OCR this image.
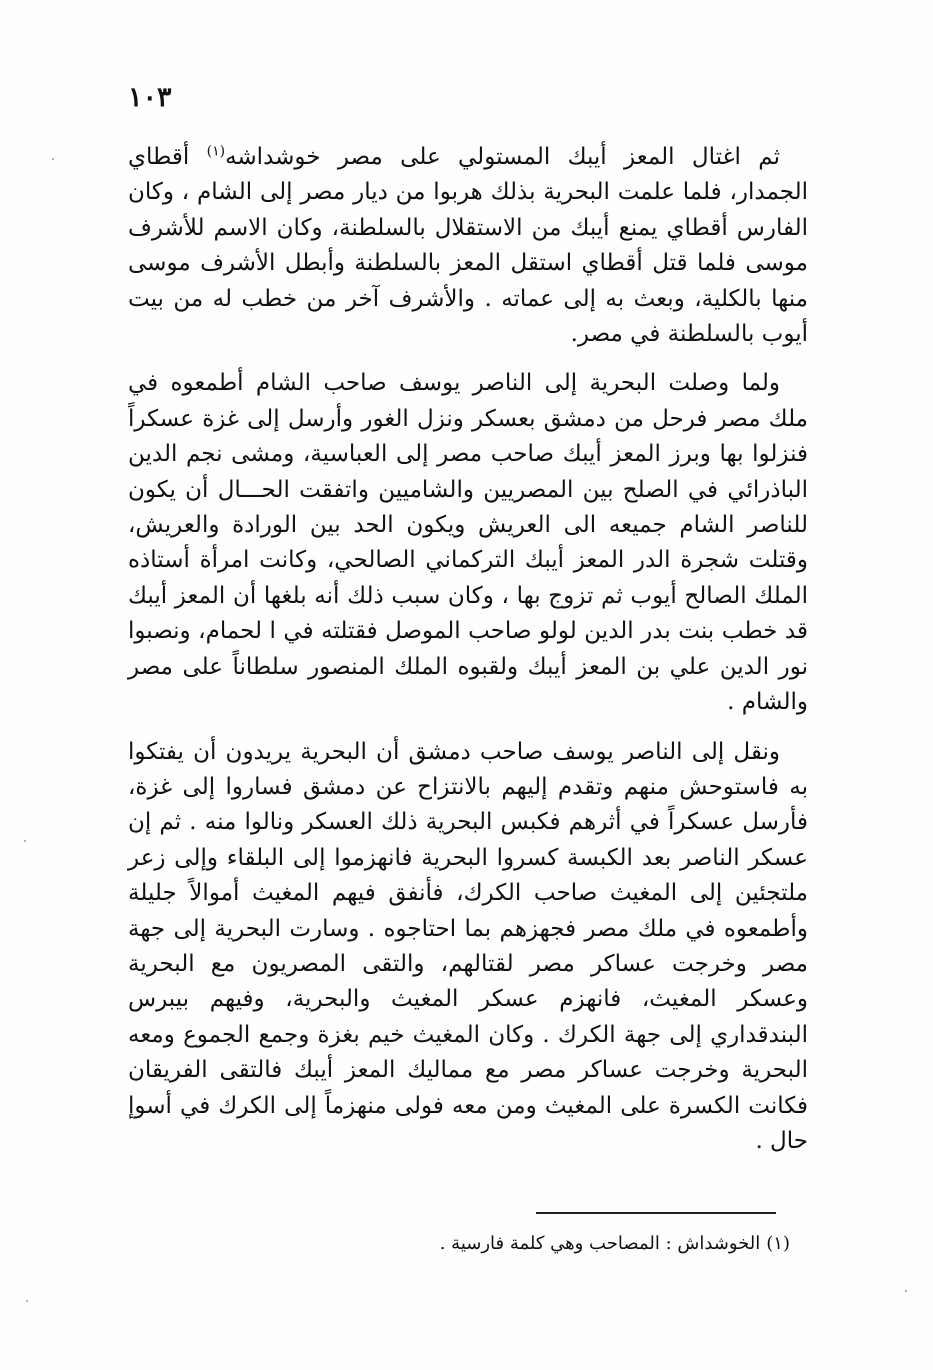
١٠٣

ثم اغتال المعز أيبك المستولي على مصر خوشداشه$^{(١)}$ أقطاي الجمدار، فلما علمت البحرية بذلك هربوا من ديار مصر إلى الشام ، وكان الفارس أقطاي يمنع أيبك من الاستقلال بالسلطنة، وكان الاسم للأشرف موسى فلما قتل أقطاي استقل المعز بالسلطنة وأبطل الأشرف موسى منها بالكلية، وبعث به إلى عماته . والأشرف آخر من خطب له من بيت أيوب بالسلطنة في مصر.

ولما وصلت البحرية إلى الناصر يوسف صاحب الشام أطمعوه في ملك مصر فرحل من دمشق بعسكر ونزل الغور وأرسل إلى غزة عسكراً فنزلوا بها وبرز المعز أيبك صاحب مصر إلى العباسية، ومشى نجم الدين الباذرائي في الصلح بين المصريين والشاميين واتفقت الحـــال أن يكون للناصر الشام جميعه الى العريش ويكون الحد بين الورادة والعريش، وقتلت شجرة الدر المعز أيبك التركماني الصالحي، وكانت امرأة أستاذه الملك الصالح أيوب ثم تزوج بها ، وكان سبب ذلك أنه بلغها أن المعز أيبك قد خطب بنت بدر الدين لولو صاحب الموصل فقتلته في ا لحمام، ونصبوا نور الدين علي بن المعز أيبك ولقبوه الملك المنصور سلطاناً على مصر والشام .

ونقل إلى الناصر يوسف صاحب دمشق أن البحرية يريدون أن يفتكوا به فاستوحش منهم وتقدم إليهم بالانتزاح عن دمشق فساروا إلى غزة، فأرسل عسكراً في أثرهم فكبس البحرية ذلك العسكر ونالوا منه . ثم إن عسكر الناصر بعد الكبسة كسروا البحرية فانهزموا إلى البلقاء وإلى زعر ملتجئين إلى المغيث صاحب الكرك، فأنفق فيهم المغيث أموالاً جليلة وأطمعوه في ملك مصر فجهزهم بما احتاجوه . وسارت البحرية إلى جهة مصر وخرجت عساكر مصر لقتالهم، والتقى المصريون مع البحرية وعسكر المغيث، فانهزم عسكر المغيث والبحرية، وفيهم بيبرس البندقداري إلى جهة الكرك . وكان المغيث خيم بغزة وجمع الجموع ومعه البحرية وخرجت عساكر مصر مع مماليك المعز أيبك فالتقى الفريقان فكانت الكسرة على المغيث ومن معه فولى منهزماً إلى الكرك في أسوإ حال .

(١)الخوشداش : المصاحب وهي كلمة فارسية .
